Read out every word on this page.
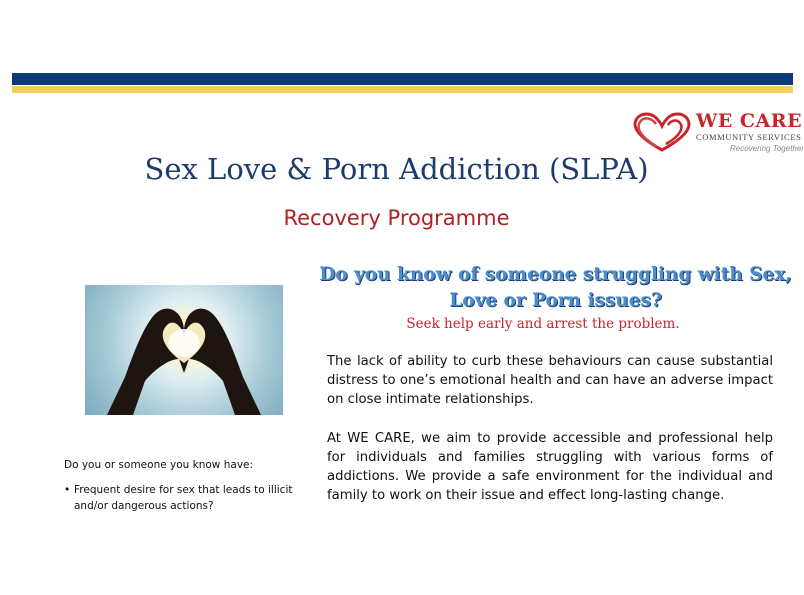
WE CARE
COMMUNITY SERVICES
Recovering Together
Sex Love & Porn Addiction (SLPA)
Recovery Programme
Do you know of someone struggling with Sex,
Love or Porn issues?
Seek help early and arrest the problem.

The lack of ability to curb these behaviours can cause substantial distress to one’s emotional health and can have an adverse impact on close intimate relationships.

At WE CARE, we aim to provide accessible and professional help for individuals and families struggling with various forms of addictions. We provide a safe environment for the individual and family to work on their issue and effect long-lasting change.

Do you or someone you know have:
• Frequent desire for sex that leads to illicit and/or dangerous actions?
